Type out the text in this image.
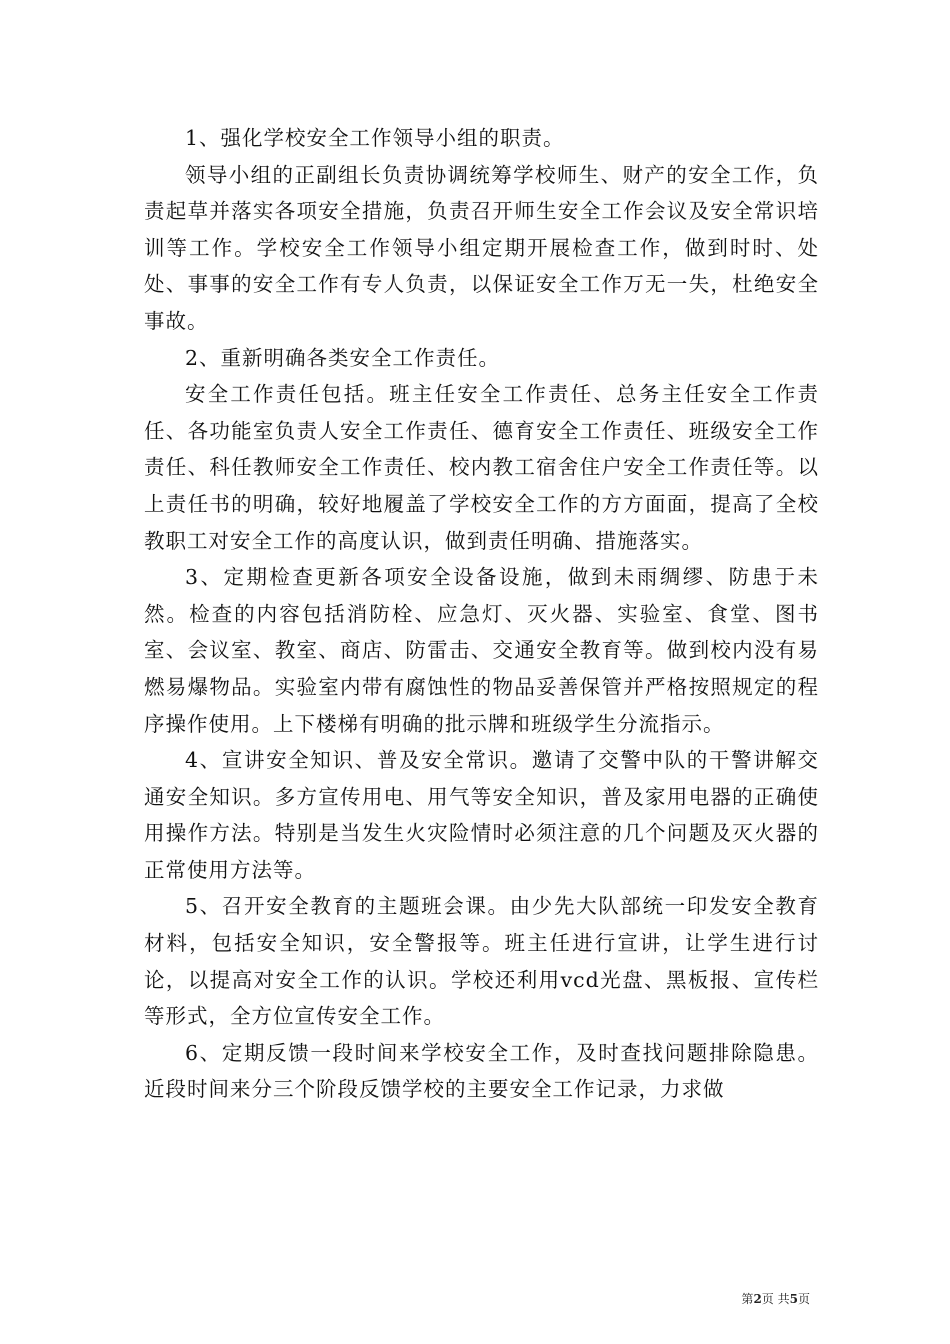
1、强化学校安全工作领导小组的职责。

领导小组的正副组长负责协调统筹学校师生、财产的安全工作，负责起草并落实各项安全措施，负责召开师生安全工作会议及安全常识培训等工作。学校安全工作领导小组定期开展检查工作，做到时时、处处、事事的安全工作有专人负责，以保证安全工作万无一失，杜绝安全事故。

2、重新明确各类安全工作责任。

安全工作责任包括。班主任安全工作责任、总务主任安全工作责任、各功能室负责人安全工作责任、德育安全工作责任、班级安全工作责任、科任教师安全工作责任、校内教工宿舍住户安全工作责任等。以上责任书的明确，较好地履盖了学校安全工作的方方面面，提高了全校教职工对安全工作的高度认识，做到责任明确、措施落实。

3、定期检查更新各项安全设备设施，做到未雨绸缪、防患于未然。检查的内容包括消防栓、应急灯、灭火器、实验室、食堂、图书室、会议室、教室、商店、防雷击、交通安全教育等。做到校内没有易燃易爆物品。实验室内带有腐蚀性的物品妥善保管并严格按照规定的程序操作使用。上下楼梯有明确的批示牌和班级学生分流指示。

4、宣讲安全知识、普及安全常识。邀请了交警中队的干警讲解交通安全知识。多方宣传用电、用气等安全知识，普及家用电器的正确使用操作方法。特别是当发生火灾险情时必须注意的几个问题及灭火器的正常使用方法等。

5、召开安全教育的主题班会课。由少先大队部统一印发安全教育材料，包括安全知识，安全警报等。班主任进行宣讲，让学生进行讨论，以提高对安全工作的认识。学校还利用vcd光盘、黑板报、宣传栏等形式，全方位宣传安全工作。

6、定期反馈一段时间来学校安全工作，及时查找问题排除隐患。近段时间来分三个阶段反馈学校的主要安全工作记录，力求做

第2页 共5页
